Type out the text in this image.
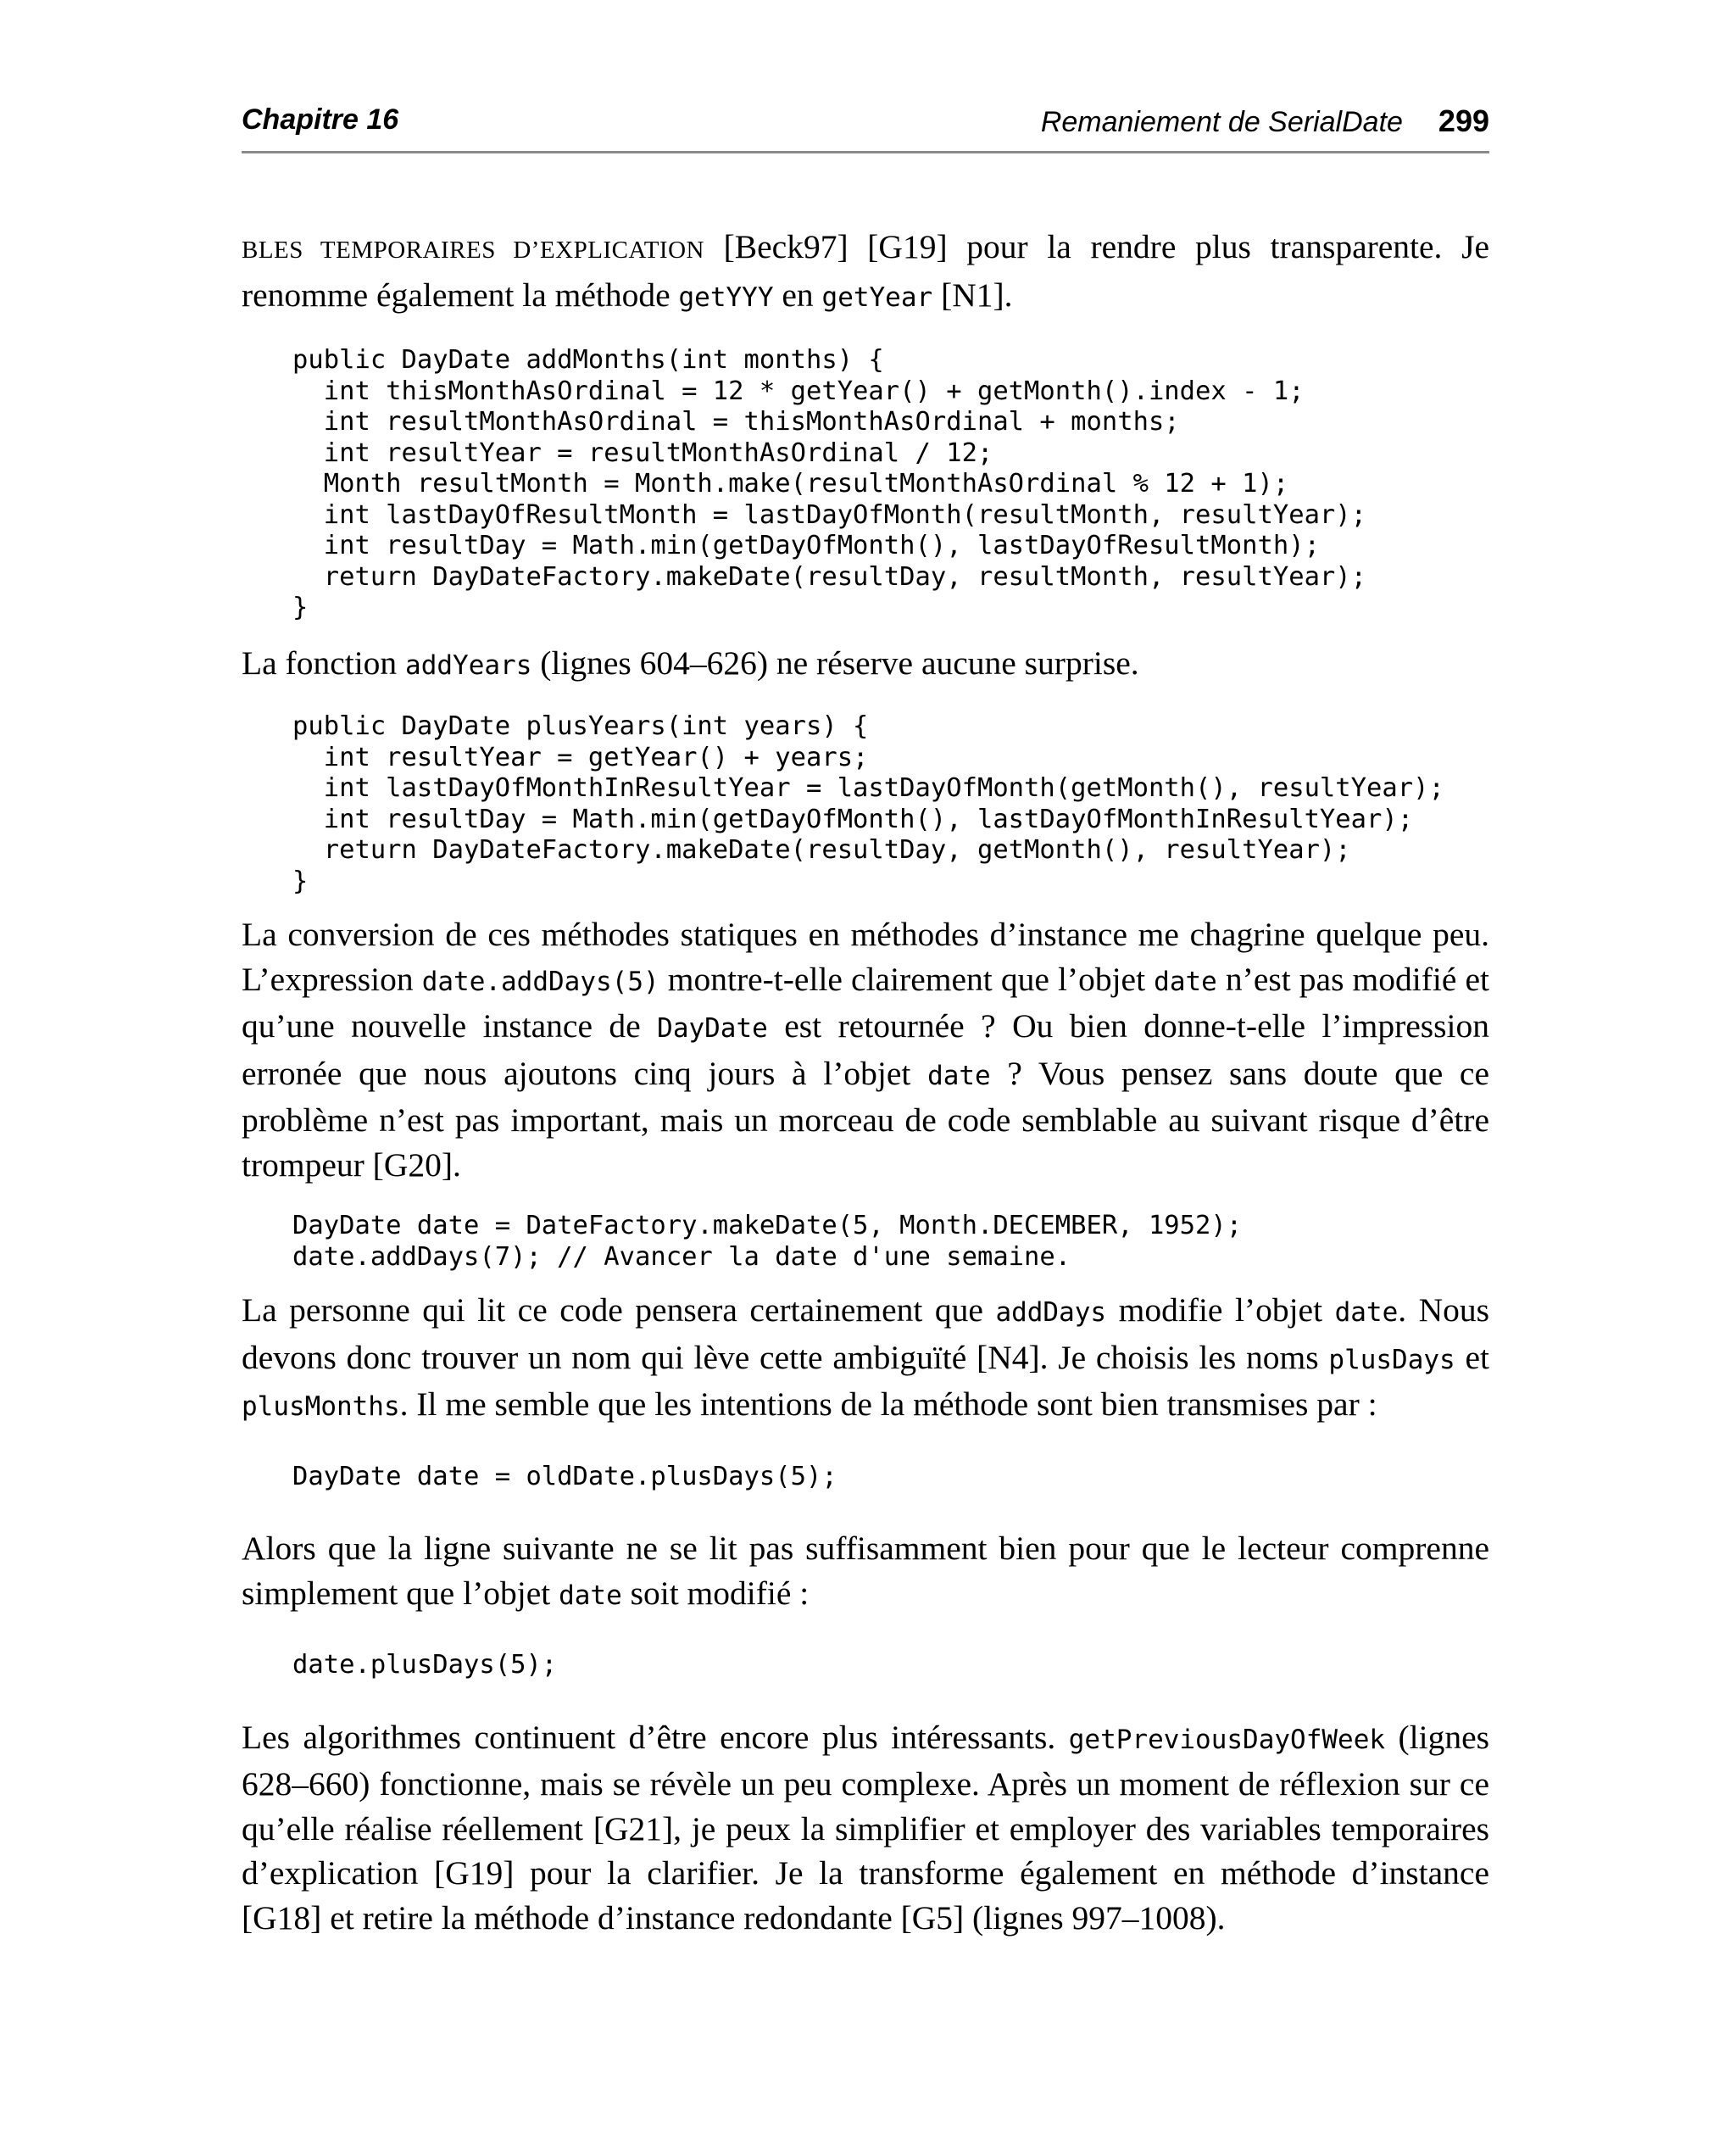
Chapitre 16	Remaniement de SerialDate 299

BLES TEMPORAIRES D’EXPLICATION [Beck97] [G19] pour la rendre plus transparente. Je renomme également la méthode getYYY en getYear [N1].

public DayDate addMonths(int months) {
int thisMonthAsOrdinal = 12 * getYear() + getMonth().index - 1;
int resultMonthAsOrdinal = thisMonthAsOrdinal + months;
int resultYear = resultMonthAsOrdinal / 12;
Month resultMonth = Month.make(resultMonthAsOrdinal % 12 + 1);
int lastDayOfResultMonth = lastDayOfMonth(resultMonth, resultYear);
int resultDay = Math.min(getDayOfMonth(), lastDayOfResultMonth);
return DayDateFactory.makeDate(resultDay, resultMonth, resultYear);
}

La fonction addYears (lignes 604–626) ne réserve aucune surprise.

public DayDate plusYears(int years) {
int resultYear = getYear() + years;
int lastDayOfMonthInResultYear = lastDayOfMonth(getMonth(), resultYear);
int resultDay = Math.min(getDayOfMonth(), lastDayOfMonthInResultYear);
return DayDateFactory.makeDate(resultDay, getMonth(), resultYear);
}

La conversion de ces méthodes statiques en méthodes d’instance me chagrine quelque peu. L’expression date.addDays(5) montre-t-elle clairement que l’objet date n’est pas modifié et qu’une nouvelle instance de DayDate est retournée ? Ou bien donne-t-elle l’impression erronée que nous ajoutons cinq jours à l’objet date ? Vous pensez sans doute que ce problème n’est pas important, mais un morceau de code semblable au suivant risque d’être trompeur [G20].

DayDate date = DateFactory.makeDate(5, Month.DECEMBER, 1952);
date.addDays(7); // Avancer la date d'une semaine.

La personne qui lit ce code pensera certainement que addDays modifie l’objet date. Nous devons donc trouver un nom qui lève cette ambiguïté [N4]. Je choisis les noms plusDays et plusMonths. Il me semble que les intentions de la méthode sont bien transmises par :

DayDate date = oldDate.plusDays(5);

Alors que la ligne suivante ne se lit pas suffisamment bien pour que le lecteur comprenne simplement que l’objet date soit modifié :

date.plusDays(5);

Les algorithmes continuent d’être encore plus intéressants. getPreviousDayOfWeek (lignes 628–660) fonctionne, mais se révèle un peu complexe. Après un moment de réflexion sur ce qu’elle réalise réellement [G21], je peux la simplifier et employer des variables temporaires d’explication [G19] pour la clarifier. Je la transforme également en méthode d’instance [G18] et retire la méthode d’instance redondante [G5] (lignes 997–1008).
